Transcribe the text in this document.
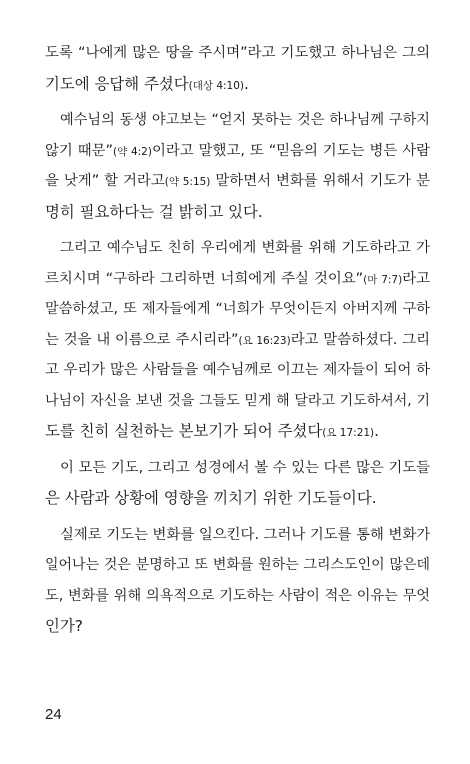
도록 “나에게 많은 땅을 주시며”라고 기도했고 하나님은 그의
기도에 응답해 주셨다(대상 4:10).
예수님의 동생 야고보는 “얻지 못하는 것은 하나님께 구하지
않기 때문”(약 4:2)이라고 말했고, 또 “믿음의 기도는 병든 사람
을 낫게” 할 거라고(약 5:15) 말하면서 변화를 위해서 기도가 분
명히 필요하다는 걸 밝히고 있다.
그리고 예수님도 친히 우리에게 변화를 위해 기도하라고 가
르치시며 “구하라 그리하면 너희에게 주실 것이요”(마 7:7)라고
말씀하셨고, 또 제자들에게 “너희가 무엇이든지 아버지께 구하
는 것을 내 이름으로 주시리라”(요 16:23)라고 말씀하셨다. 그리
고 우리가 많은 사람들을 예수님께로 이끄는 제자들이 되어 하
나님이 자신을 보낸 것을 그들도 믿게 해 달라고 기도하셔서, 기
도를 친히 실천하는 본보기가 되어 주셨다(요 17:21).
이 모든 기도, 그리고 성경에서 볼 수 있는 다른 많은 기도들
은 사람과 상황에 영향을 끼치기 위한 기도들이다.
실제로 기도는 변화를 일으킨다. 그러나 기도를 통해 변화가
일어나는 것은 분명하고 또 변화를 원하는 그리스도인이 많은데
도, 변화를 위해 의욕적으로 기도하는 사람이 적은 이유는 무엇
인가?
24
